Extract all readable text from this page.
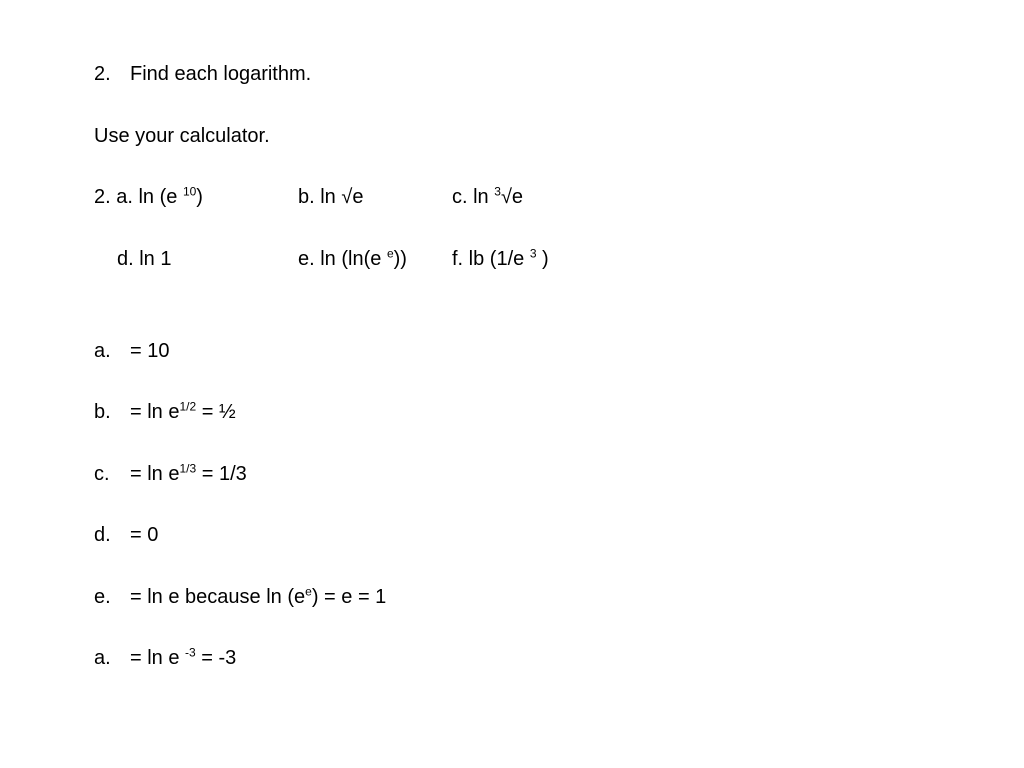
2. Find each logarithm.
Use your calculator.
2. a. ln (e $^{10}$)	b. ln √e	c. ln $^3$√e
d. ln 1	e. ln (ln(e $^e$)) f. lb (1/e $^3$ )
a. = 10
b. = $\ln e^{1/2}$ = ½
c. = $\ln e^{1/3} = 1/3$
d. = 0
e. = ln e because $\ln (e^e) = e = 1$
a. = ln e $^{-3}$ = -3
